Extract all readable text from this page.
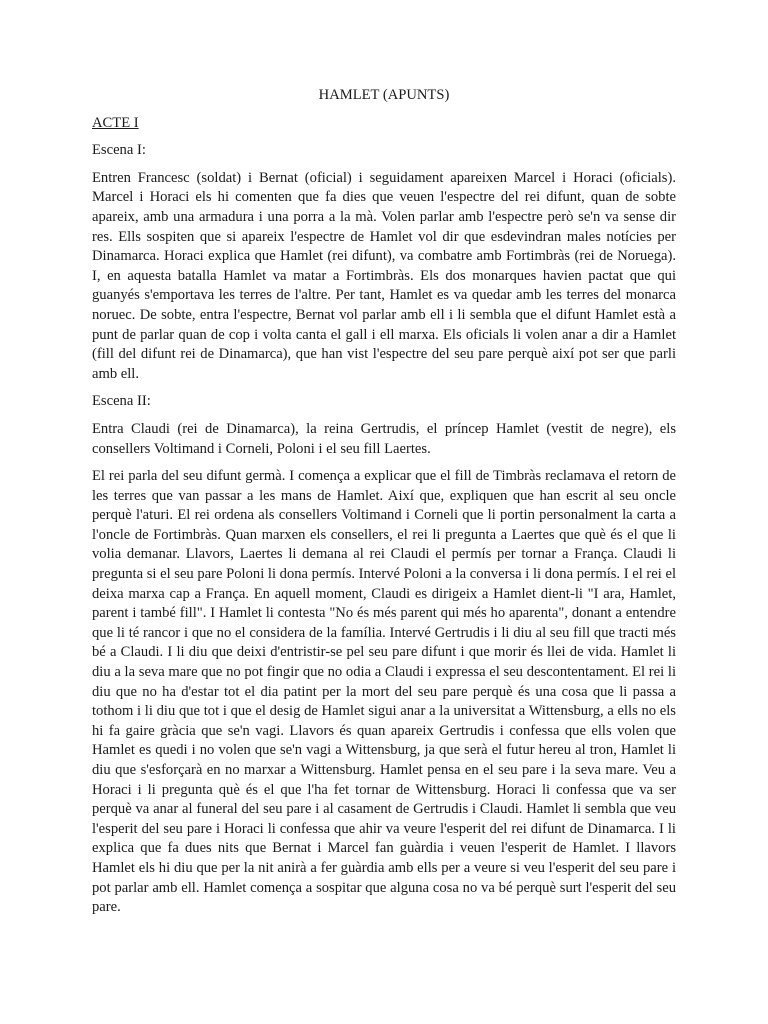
HAMLET (APUNTS)

ACTE I

Escena I:

Entren Francesc (soldat) i Bernat (oficial) i seguidament apareixen Marcel i Horaci (oficials). Marcel i Horaci els hi comenten que fa dies que veuen l'espectre del rei difunt, quan de sobte apareix, amb una armadura i una porra a la mà. Volen parlar amb l'espectre però se'n va sense dir res. Ells sospiten que si apareix l'espectre de Hamlet vol dir que esdevindran males notícies per Dinamarca. Horaci explica que Hamlet (rei difunt), va combatre amb Fortimbràs (rei de Noruega). I, en aquesta batalla Hamlet va matar a Fortimbràs. Els dos monarques havien pactat que qui guanyés s'emportava les terres de l'altre. Per tant, Hamlet es va quedar amb les terres del monarca noruec. De sobte, entra l'espectre, Bernat vol parlar amb ell i li sembla que el difunt Hamlet està a punt de parlar quan de cop i volta canta el gall i ell marxa. Els oficials li volen anar a dir a Hamlet (fill del difunt rei de Dinamarca), que han vist l'espectre del seu pare perquè així pot ser que parli amb ell.

Escena II:

Entra Claudi (rei de Dinamarca), la reina Gertrudis, el príncep Hamlet (vestit de negre), els consellers Voltimand i Corneli, Poloni i el seu fill Laertes.

El rei parla del seu difunt germà. I comença a explicar que el fill de Timbràs reclamava el retorn de les terres que van passar a les mans de Hamlet. Així que, expliquen que han escrit al seu oncle perquè l'aturi. El rei ordena als consellers Voltimand i Corneli que li portin personalment la carta a l'oncle de Fortimbràs. Quan marxen els consellers, el rei li pregunta a Laertes que què és el que li volia demanar. Llavors, Laertes li demana al rei Claudi el permís per tornar a França. Claudi li pregunta si el seu pare Poloni li dona permís. Intervé Poloni a la conversa i li dona permís. I el rei el deixa marxa cap a França. En aquell moment, Claudi es dirigeix a Hamlet dient-li "I ara, Hamlet, parent i també fill". I Hamlet li contesta "No és més parent qui més ho aparenta", donant a entendre que li té rancor i que no el considera de la família. Intervé Gertrudis i li diu al seu fill que tracti més bé a Claudi. I li diu que deixi d'entristir-se pel seu pare difunt i que morir és llei de vida. Hamlet li diu a la seva mare que no pot fingir que no odia a Claudi i expressa el seu descontentament. El rei li diu que no ha d'estar tot el dia patint per la mort del seu pare perquè és una cosa que li passa a tothom i li diu que tot i que el desig de Hamlet sigui anar a la universitat a Wittensburg, a ells no els hi fa gaire gràcia que se'n vagi. Llavors és quan apareix Gertrudis i confessa que ells volen que Hamlet es quedi i no volen que se'n vagi a Wittensburg, ja que serà el futur hereu al tron, Hamlet li diu que s'esforçarà en no marxar a Wittensburg. Hamlet pensa en el seu pare i la seva mare. Veu a Horaci i li pregunta què és el que l'ha fet tornar de Wittensburg. Horaci li confessa que va ser perquè va anar al funeral del seu pare i al casament de Gertrudis i Claudi. Hamlet li sembla que veu l'esperit del seu pare i Horaci li confessa que ahir va veure l'esperit del rei difunt de Dinamarca. I li explica que fa dues nits que Bernat i Marcel fan guàrdia i veuen l'esperit de Hamlet. I llavors Hamlet els hi diu que per la nit anirà a fer guàrdia amb ells per a veure si veu l'esperit del seu pare i pot parlar amb ell. Hamlet comença a sospitar que alguna cosa no va bé perquè surt l'esperit del seu pare.
